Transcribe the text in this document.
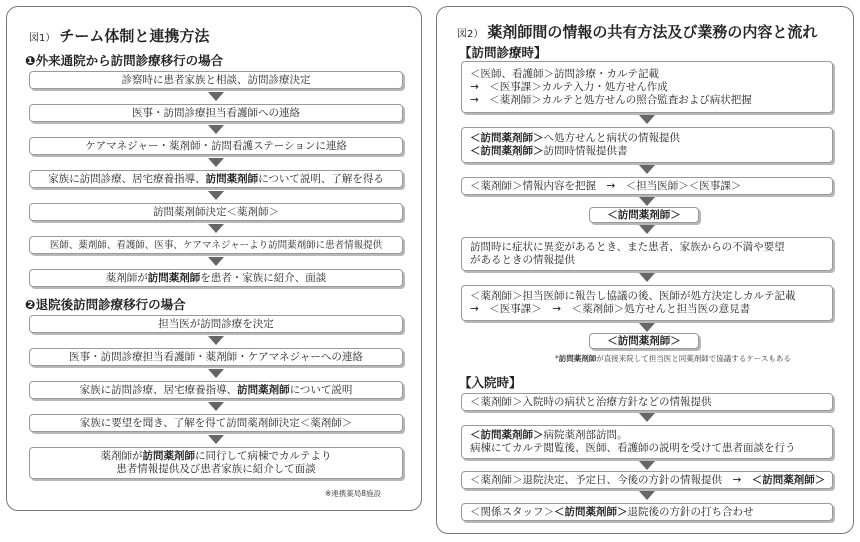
図1） チーム体制と連携方法
❶外来通院から訪問診療移行の場合
診察時に患者家族と相談、訪問診療決定
医事・訪問診療担当看護師への連絡
ケアマネジャー・薬剤師・訪問看護ステーションに連絡
家族に訪問診療、居宅療養指導、訪問薬剤師について説明、了解を得る
訪問薬剤師決定＜薬剤師＞
医師、薬剤師、看護師、医事、ケアマネジャーより訪問薬剤師に患者情報提供
薬剤師が訪問薬剤師を患者・家族に紹介、面談
❷退院後訪問診療移行の場合
担当医が訪問診療を決定
医事・訪問診療担当看護師・薬剤師・ケアマネジャーへの連絡
家族に訪問診療、居宅療養指導、訪問薬剤師について説明
家族に要望を聞き、了解を得て訪問薬剤師決定＜薬剤師＞
薬剤師が訪問薬剤師に同行して病棟でカルテより
患者情報提供及び患者家族に紹介して面談
※連携薬局8施設
図2） 薬剤師間の情報の共有方法及び業務の内容と流れ
【訪問診療時】
＜医師、看護師＞訪問診療・カルテ記載
→　＜医事課＞カルテ入力・処方せん作成
→　＜薬剤師＞カルテと処方せんの照合監査および病状把握
＜訪問薬剤師＞へ処方せんと病状の情報提供
＜訪問薬剤師＞訪問時情報提供書
＜薬剤師＞情報内容を把握　→　＜担当医師＞＜医事課＞
＜訪問薬剤師＞
訪問時に症状に異変があるとき、また患者、家族からの不満や要望
があるときの情報提供
＜薬剤師＞担当医師に報告し協議の後、医師が処方決定しカルテ記載
→　＜医事課＞　→　＜薬剤師＞処方せんと担当医の意見書
＜訪問薬剤師＞
*訪問薬剤師が直接来院して担当医と同薬剤師で協議するケースもある
【入院時】
＜薬剤師＞入院時の病状と治療方針などの情報提供
＜訪問薬剤師＞病院薬剤部訪問。
病棟にてカルテ閲覧後、医師、看護師の説明を受けて患者面談を行う
＜薬剤師＞退院決定、予定日、今後の方針の情報提供　→　＜訪問薬剤師＞
＜関係スタッフ＞＜訪問薬剤師＞退院後の方針の打ち合わせ
